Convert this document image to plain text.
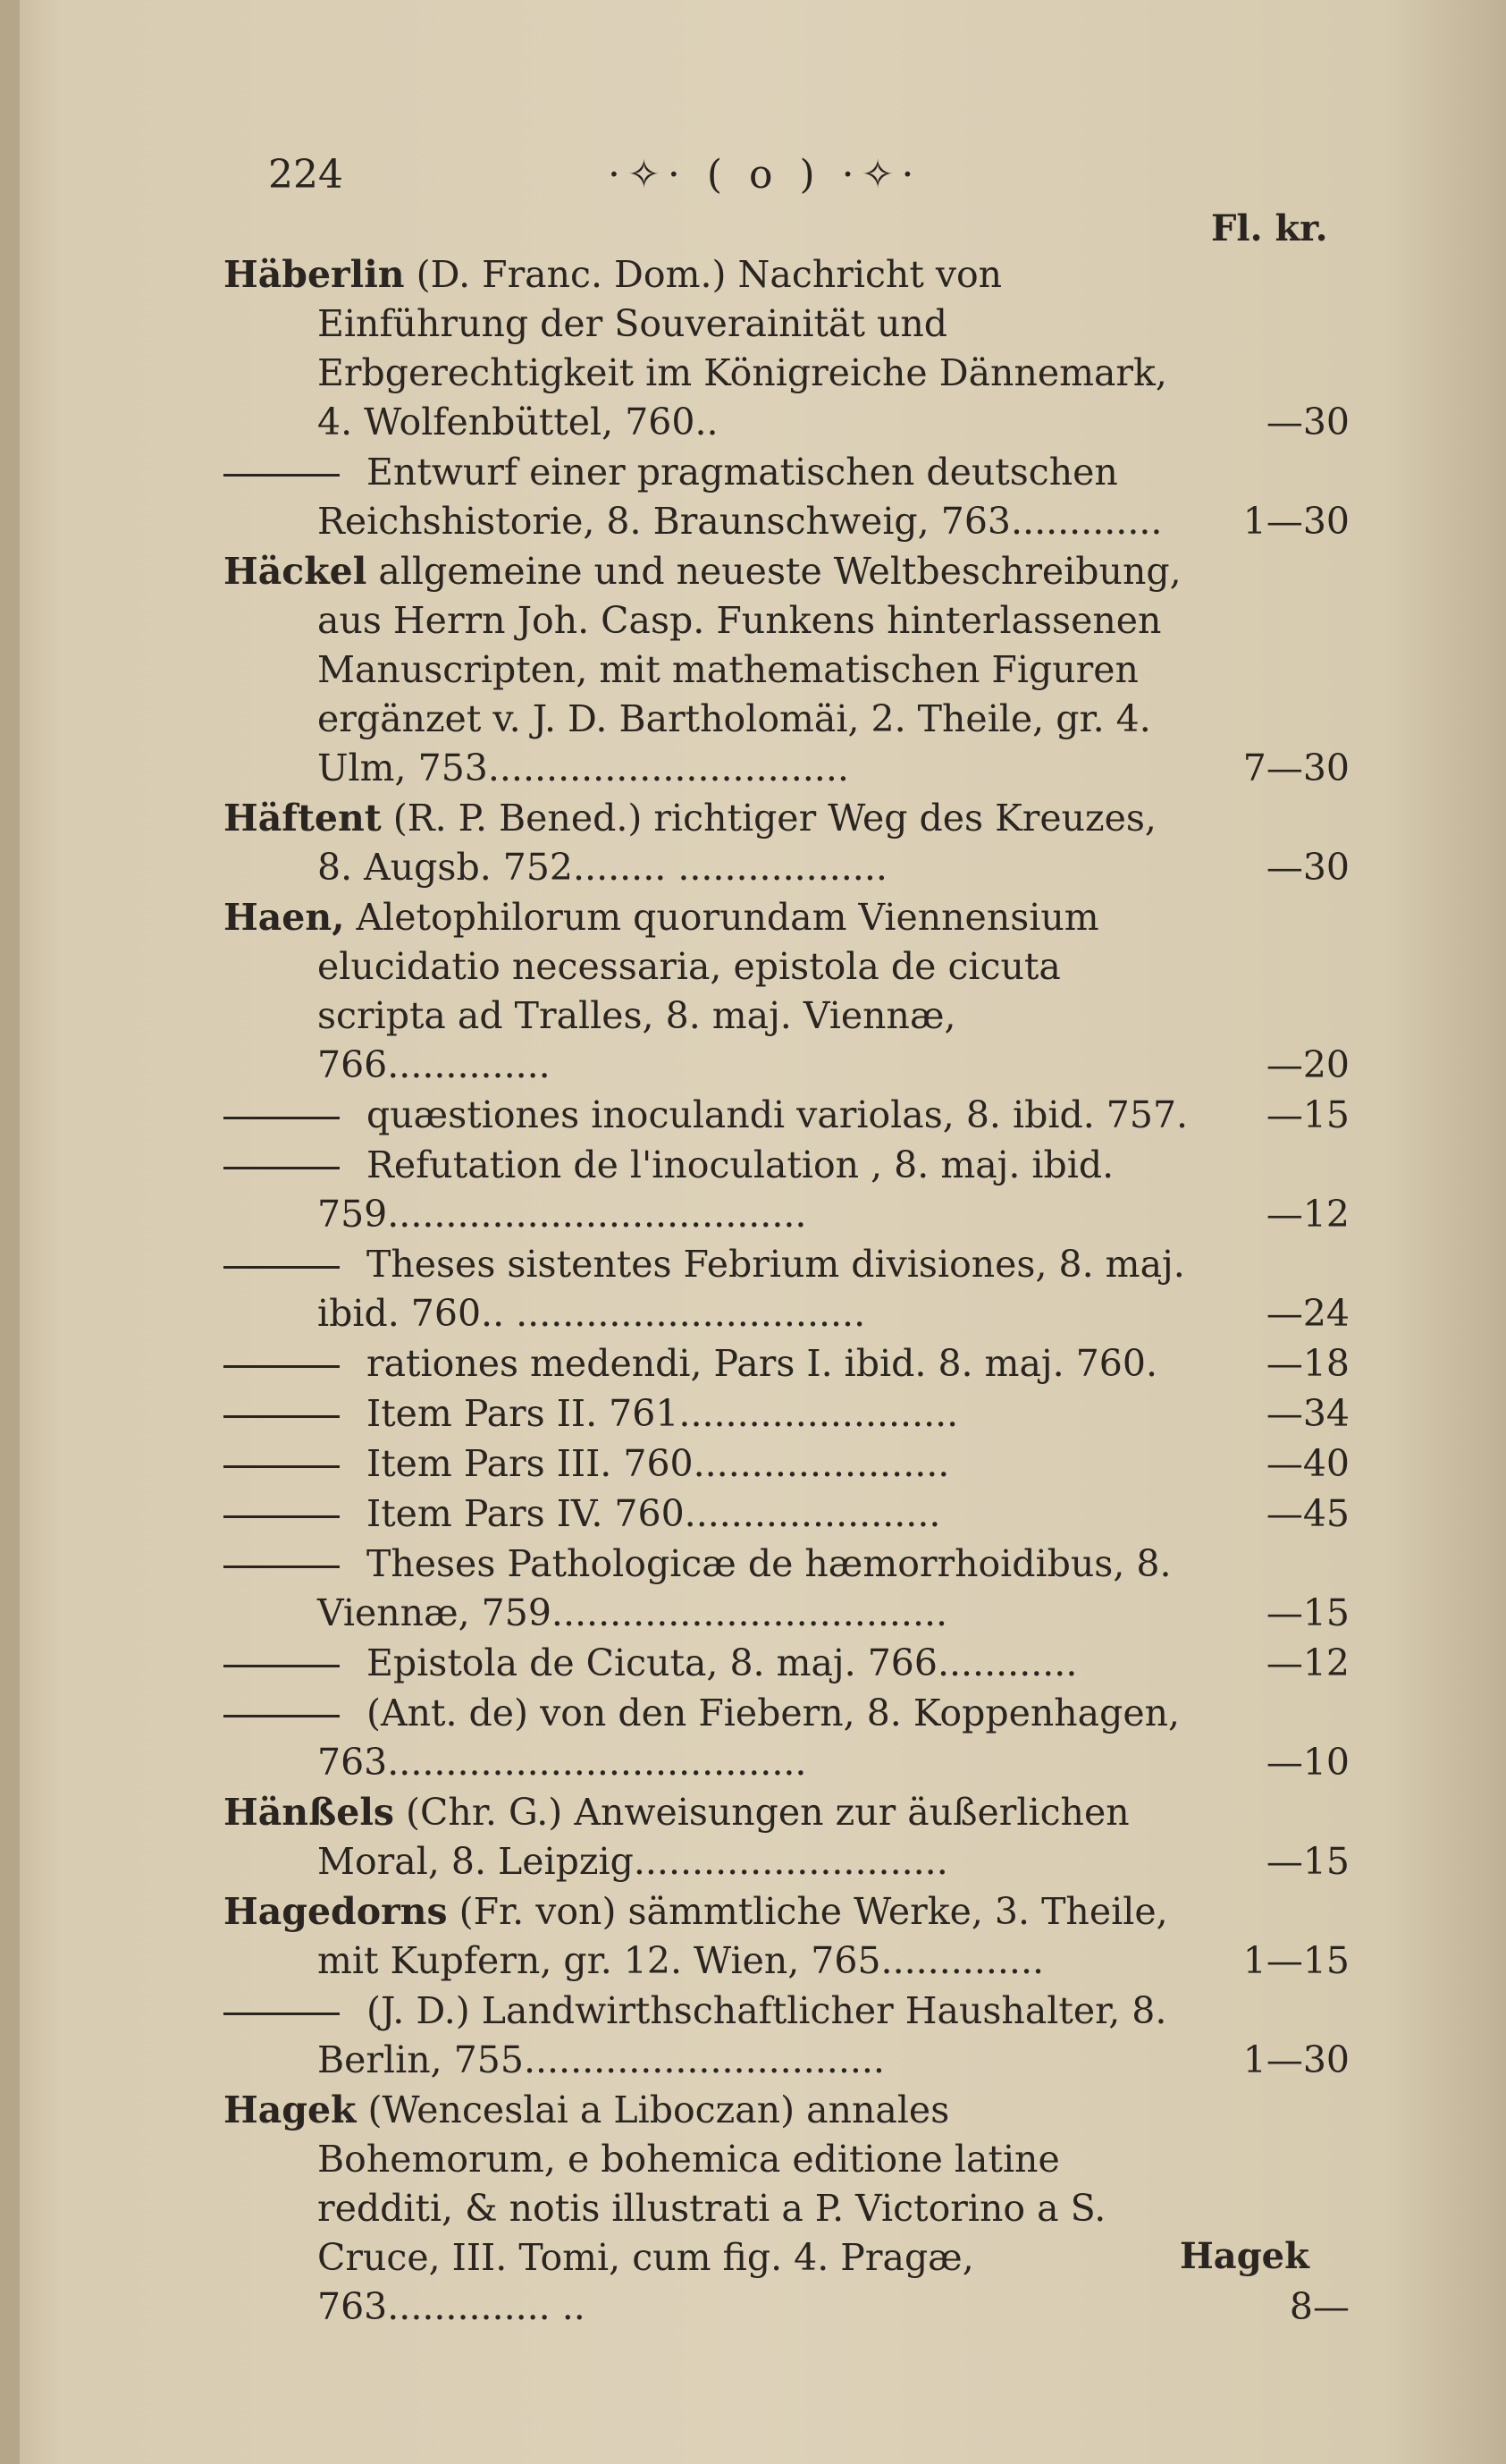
224	·✧· ( o ) ·✧·
Fl. kr.
Häberlin (D. Franc. Dom.) Nachricht von Einführung der Souverainität und Erbgerechtigkeit im Königreiche Dännemark, 4. Wolfenbüttel, 760..	—30
Entwurf einer pragmatischen deutschen Reichshistorie, 8. Braunschweig, 763.............	1—30
Häckel allgemeine und neueste Weltbeschreibung, aus Herrn Joh. Casp. Funkens hinterlassenen Manuscripten, mit mathematischen Figuren ergänzet v. J. D. Bartholomäi, 2. Theile, gr. 4. Ulm, 753...............................	7—30
Häftent (R. P. Bened.) richtiger Weg des Kreuzes, 8. Augsb. 752........ ..................	—30
Haen, Aletophilorum quorundam Viennensium elucidatio necessaria, epistola de cicuta scripta ad Tralles, 8. maj. Viennæ, 766..............	—20
quæstiones inoculandi variolas, 8. ibid. 757.	—15
Refutation de l'inoculation , 8. maj. ibid. 759....................................	—12
Theses sistentes Febrium divisiones, 8. maj. ibid. 760.. ..............................	—24
rationes medendi, Pars I. ibid. 8. maj. 760.	—18
Item Pars II. 761........................	—34
Item Pars III. 760......................	—40
Item Pars IV. 760......................	—45
Theses Pathologicæ de hæmorrhoidibus, 8. Viennæ, 759..................................	—15
Epistola de Cicuta, 8. maj. 766............	—12
(Ant. de) von den Fiebern, 8. Koppenhagen, 763....................................	—10
Hänßels (Chr. G.) Anweisungen zur äußerlichen Moral, 8. Leipzig...........................	—15
Hagedorns (Fr. von) sämmtliche Werke, 3. Theile, mit Kupfern, gr. 12. Wien, 765..............	1—15
(J. D.) Landwirthschaftlicher Haushalter, 8. Berlin, 755...............................	1—30
Hagek (Wenceslai a Liboczan) annales Bohemorum, e bohemica editione latine redditi, & notis illustrati a P. Victorino a S. Cruce, III. Tomi, cum fig. 4. Pragæ, 763.............. ..	8—
Hagek
